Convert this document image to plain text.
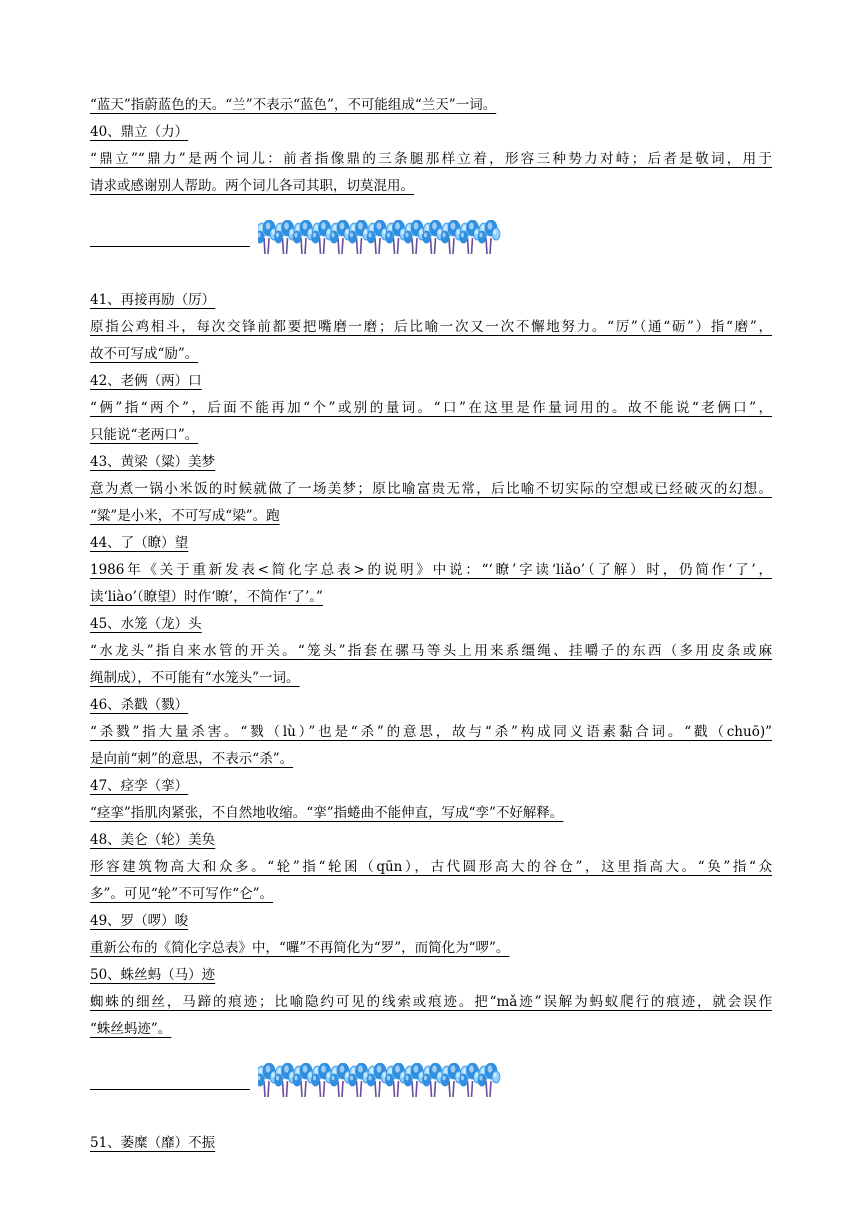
“蓝天”指蔚蓝色的天。“兰”不表示“蓝色”，不可能组成“兰天”一词。
40、鼎立（力）
“鼎立”“鼎力”是两个词儿：前者指像鼎的三条腿那样立着，形容三种势力对峙；后者是敬词，用于
请求或感谢别人帮助。两个词儿各司其职，切莫混用。
41、再接再励（厉）
原指公鸡相斗，每次交锋前都要把嘴磨一磨；后比喻一次又一次不懈地努力。“厉”（通“砺”）指“磨”，
故不可写成“励”。
42、老俩（两）口
“俩”指“两个”，后面不能再加“个”或别的量词。“口”在这里是作量词用的。故不能说“老俩口”，
只能说“老两口”。
43、黄梁（粱）美梦
意为煮一锅小米饭的时候就做了一场美梦；原比喻富贵无常，后比喻不切实际的空想或已经破灭的幻想。
“粱”是小米，不可写成“梁”。跑
44、了（瞭）望
1986年《关于重新发表<简化字总表>的说明》中说：“‘瞭’字读‘liǎo’（了解）时，仍简作‘了’，
读‘liào’（瞭望）时作‘瞭’，不简作‘了’。”
45、水笼（龙）头
“水龙头”指自来水管的开关。“笼头”指套在骡马等头上用来系缰绳、挂嚼子的东西（多用皮条或麻
绳制成），不可能有“水笼头”一词。
46、杀戳（戮）
“杀戮”指大量杀害。“戮（lù）”也是“杀”的意思，故与“杀”构成同义语素黏合词。“戳（chuō)”
是向前“刺”的意思，不表示“杀”。
47、痉孪（挛）
“痉挛”指肌肉紧张，不自然地收缩。“挛”指蜷曲不能伸直，写成“孪”不好解释。
48、美仑（轮）美奂
形容建筑物高大和众多。“轮”指“轮囷（qūn），古代圆形高大的谷仓”，这里指高大。“奂”指“众
多”。可见“轮”不可写作“仑”。
49、罗（啰）唆
重新公布的《简化字总表》中，“囉”不再简化为“罗”，而简化为“啰”。
50、蛛丝蚂（马）迹
蜘蛛的细丝，马蹄的痕迹；比喻隐约可见的线索或痕迹。把“mǎ迹”误解为蚂蚁爬行的痕迹，就会误作
“蛛丝蚂迹”。
51、萎糜（靡）不振
